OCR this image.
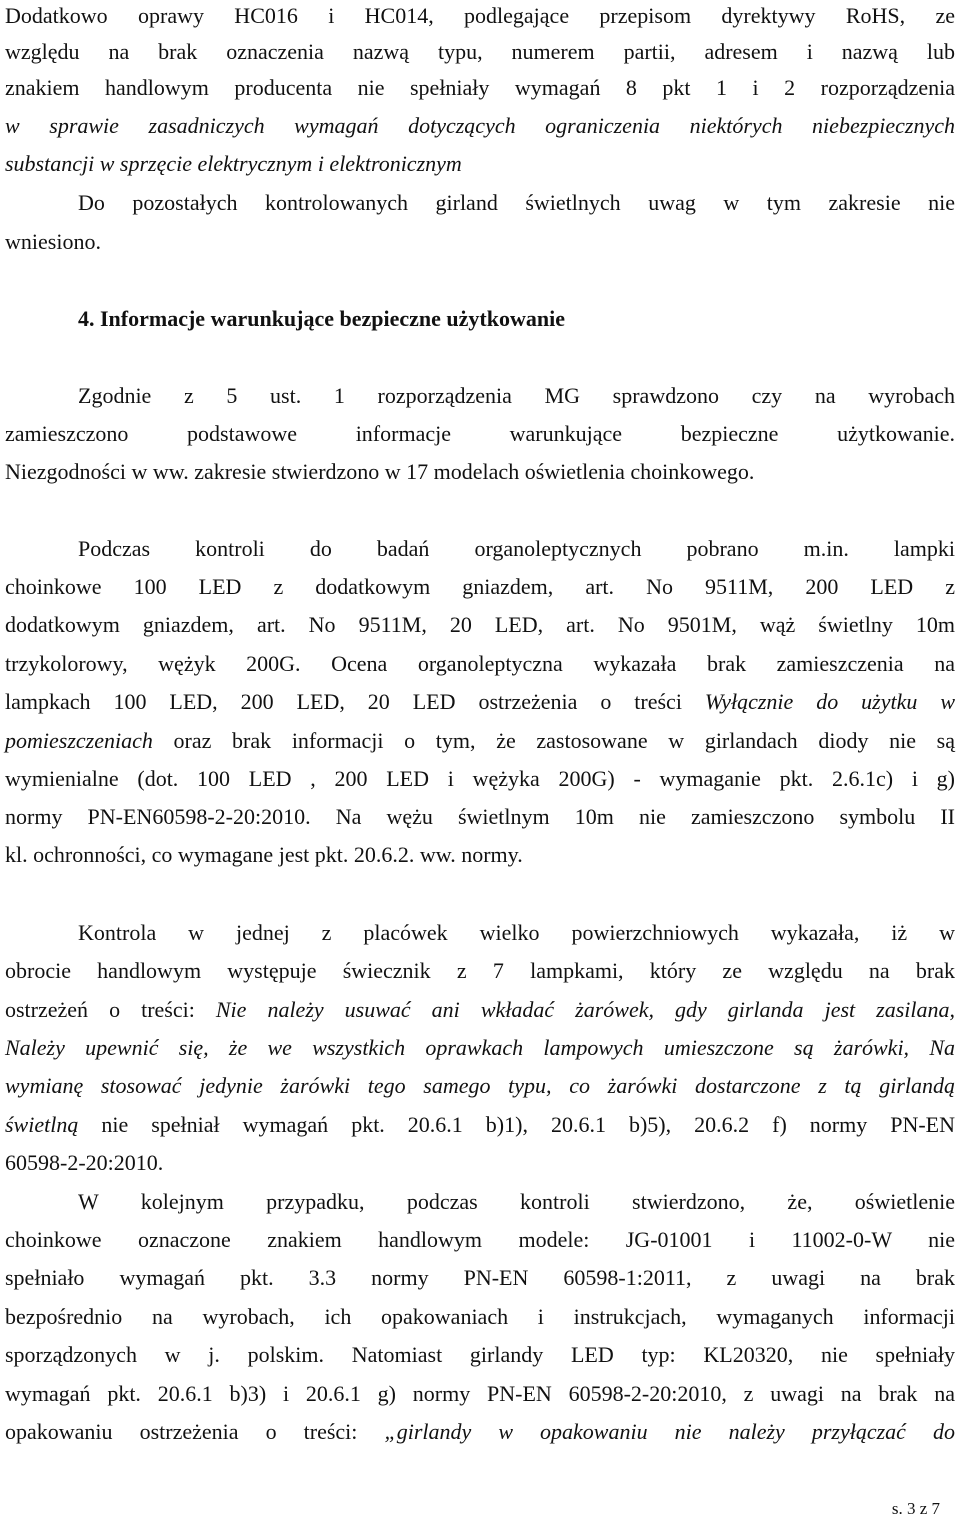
Dodatkowo oprawy HC016 i HC014, podlegające przepisom dyrektywy RoHS, ze
względu na brak oznaczenia nazwą typu, numerem partii, adresem i nazwą lub
znakiem handlowym producenta nie spełniały wymagań 8 pkt 1 i 2 rozporządzenia
w sprawie zasadniczych wymagań dotyczących ograniczenia niektórych niebezpiecznych
substancji w sprzęcie elektrycznym i elektronicznym
Do pozostałych kontrolowanych girland świetlnych uwag w tym zakresie nie
wniesiono.
4. Informacje warunkujące bezpieczne użytkowanie
Zgodnie z 5 ust. 1 rozporządzenia MG sprawdzono czy na wyrobach
zamieszczono podstawowe informacje warunkujące bezpieczne użytkowanie.
Niezgodności w ww. zakresie stwierdzono w 17 modelach oświetlenia choinkowego.
Podczas kontroli do badań organoleptycznych pobrano m.in. lampki
choinkowe 100 LED z dodatkowym gniazdem, art. No 9511M, 200 LED z
dodatkowym gniazdem, art. No 9511M, 20 LED, art. No 9501M, wąż świetlny 10m
trzykolorowy, wężyk 200G. Ocena organoleptyczna wykazała brak zamieszczenia na
lampkach 100 LED, 200 LED, 20 LED ostrzeżenia o treści Wyłącznie do użytku w
pomieszczeniach oraz brak informacji o tym, że zastosowane w girlandach diody nie są
wymienialne (dot. 100 LED , 200 LED i wężyka 200G) - wymaganie pkt. 2.6.1c) i g)
normy PN-EN60598-2-20:2010. Na wężu świetlnym 10m nie zamieszczono symbolu II
kl. ochronności, co wymagane jest pkt. 20.6.2. ww. normy.
Kontrola w jednej z placówek wielko powierzchniowych wykazała, iż w
obrocie handlowym występuje świecznik z 7 lampkami, który ze względu na brak
ostrzeżeń o treści: Nie należy usuwać ani wkładać żarówek, gdy girlanda jest zasilana,
Należy upewnić się, że we wszystkich oprawkach lampowych umieszczone są żarówki, Na
wymianę stosować jedynie żarówki tego samego typu, co żarówki dostarczone z tą girlandą
świetlną nie spełniał wymagań pkt. 20.6.1 b)1), 20.6.1 b)5), 20.6.2 f) normy PN-EN
60598-2-20:2010.
W kolejnym przypadku, podczas kontroli stwierdzono, że, oświetlenie
choinkowe oznaczone znakiem handlowym modele: JG-01001 i 11002-0-W nie
spełniało wymagań pkt. 3.3 normy PN-EN 60598-1:2011, z uwagi na brak
bezpośrednio na wyrobach, ich opakowaniach i instrukcjach, wymaganych informacji
sporządzonych w j. polskim. Natomiast girlandy LED typ: KL20320, nie spełniały
wymagań pkt. 20.6.1 b)3) i 20.6.1 g) normy PN-EN 60598-2-20:2010, z uwagi na brak na
opakowaniu ostrzeżenia o treści: „girlandy w opakowaniu nie należy przyłączać do
s. 3 z 7
